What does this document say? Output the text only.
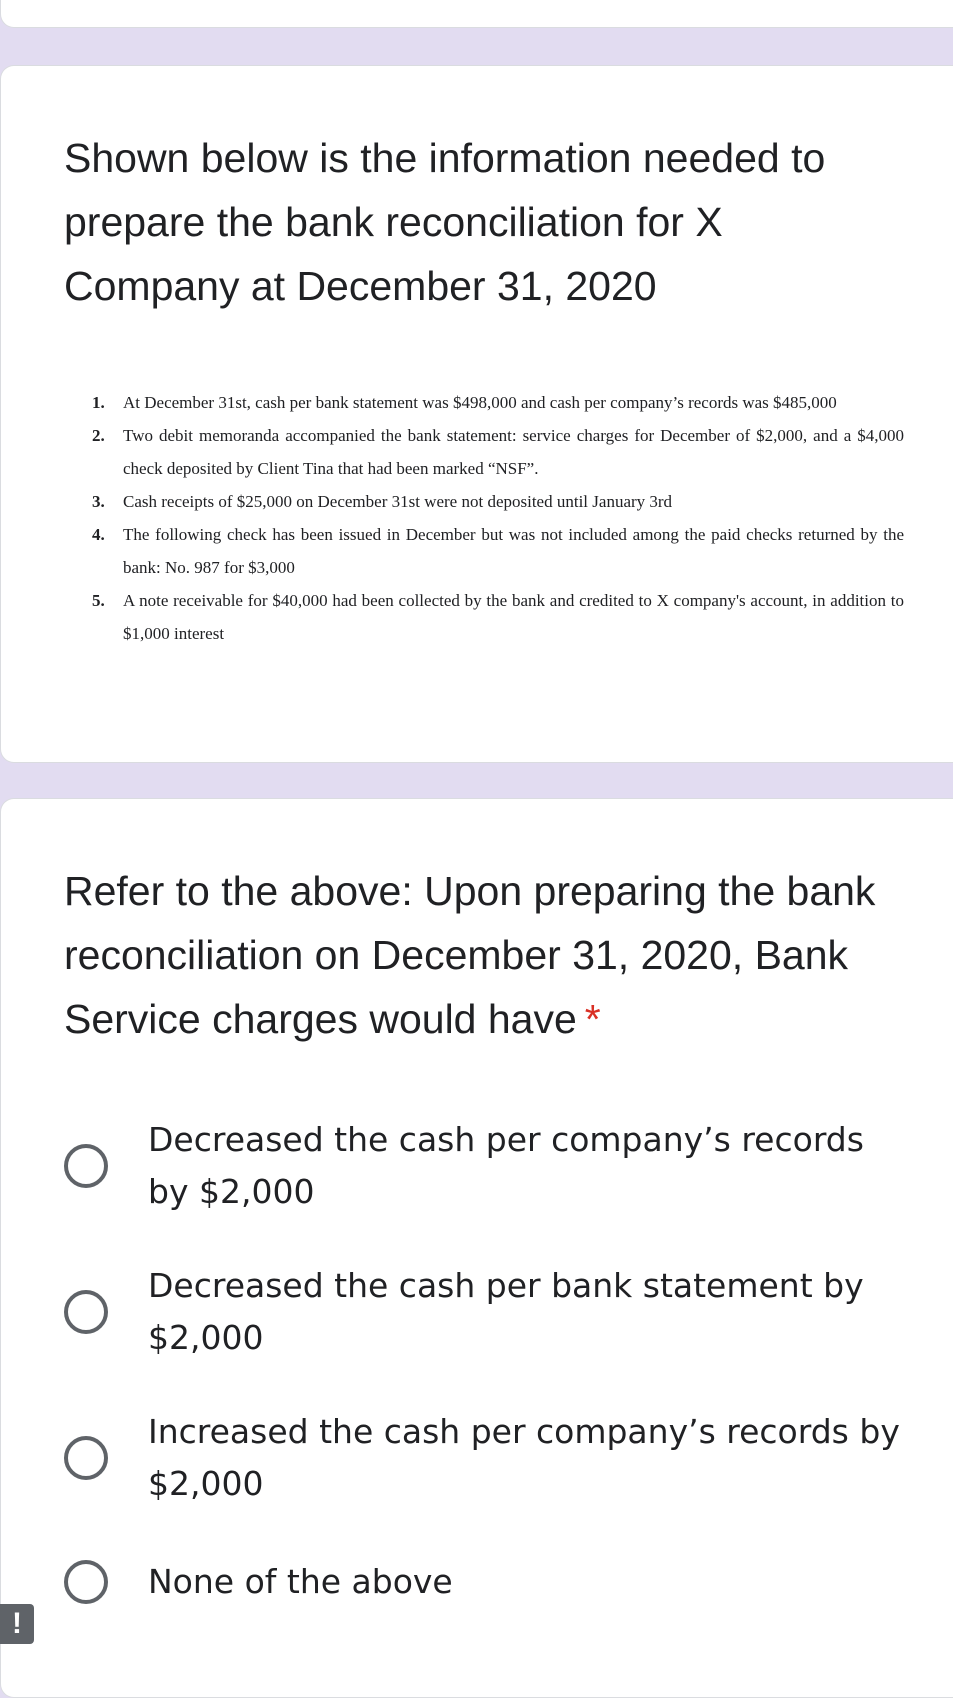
Shown below is the information needed to prepare the bank reconciliation for X Company at December 31, 2020
1. At December 31st, cash per bank statement was $498,000 and cash per company’s records was $485,000
2. Two debit memoranda accompanied the bank statement: service charges for December of $2,000, and a $4,000 check deposited by Client Tina that had been marked “NSF”.
3. Cash receipts of $25,000 on December 31st were not deposited until January 3rd
4. The following check has been issued in December but was not included among the paid checks returned by the bank: No. 987 for $3,000
5. A note receivable for $40,000 had been collected by the bank and credited to X company's account, in addition to $1,000 interest
Refer to the above: Upon preparing the bank reconciliation on December 31, 2020, Bank Service charges would have *
Decreased the cash per company’s records by $2,000
Decreased the cash per bank statement by $2,000
Increased the cash per company’s records by $2,000
None of the above
!
